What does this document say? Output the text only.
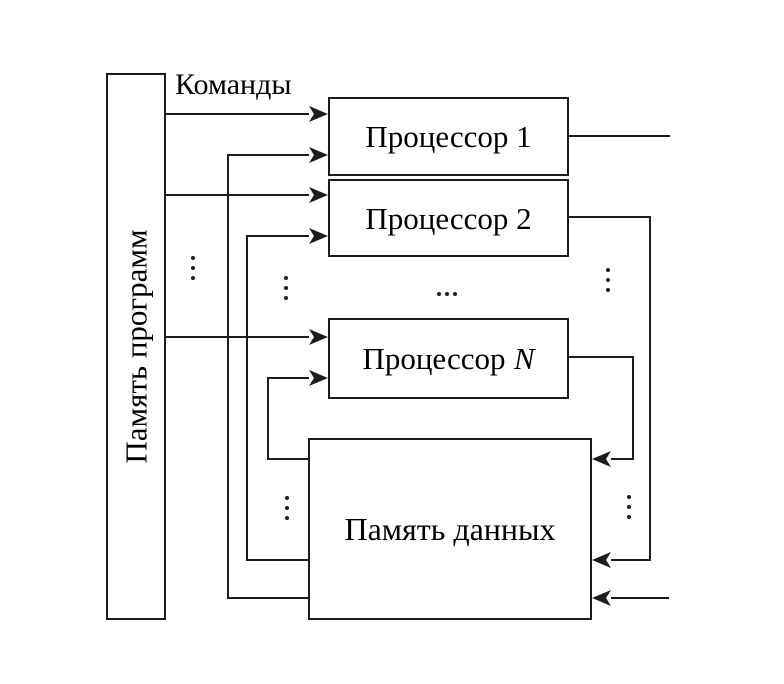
Память программ
Процессор 1
Процессор 2
Процессор N
Память данных
Команды
